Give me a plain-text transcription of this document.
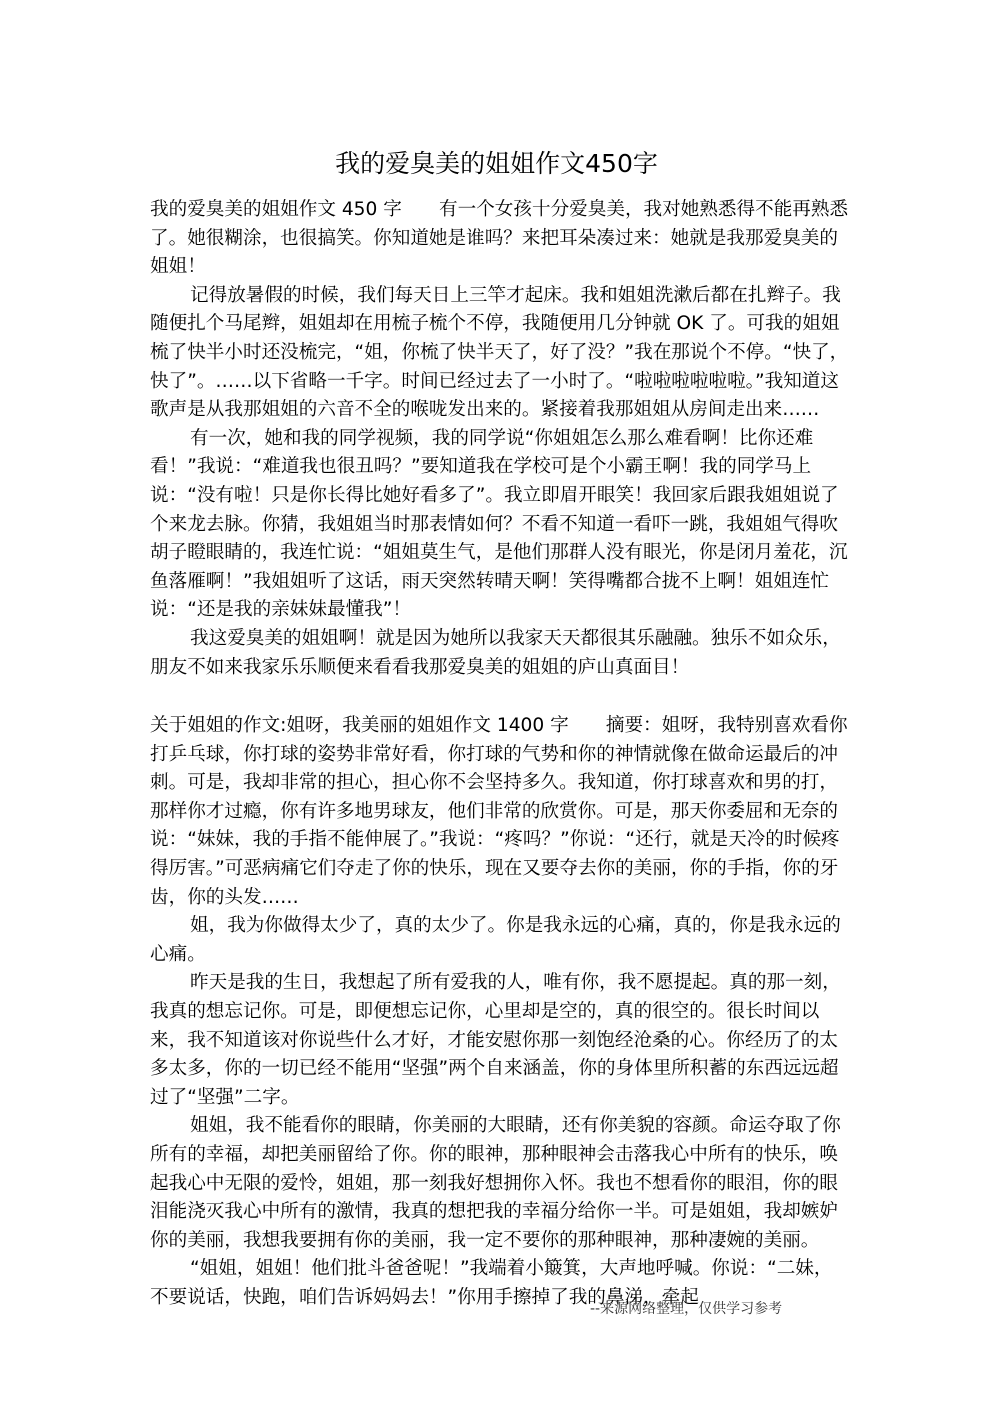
我的爱臭美的姐姐作文450字

我的爱臭美的姐姐作文 450 字　　有一个女孩十分爱臭美，我对她熟悉得不能再熟悉了。她很糊涂，也很搞笑。你知道她是谁吗？来把耳朵凑过来：她就是我那爱臭美的姐姐！

记得放暑假的时候，我们每天日上三竿才起床。我和姐姐洗漱后都在扎辫子。我随便扎个马尾辫，姐姐却在用梳子梳个不停，我随便用几分钟就 OK 了。可我的姐姐梳了快半小时还没梳完，“姐，你梳了快半天了，好了没？”我在那说个不停。“快了，快了”。……以下省略一千字。时间已经过去了一小时了。“啦啦啦啦啦啦。”我知道这歌声是从我那姐姐的六音不全的喉咙发出来的。紧接着我那姐姐从房间走出来……

有一次，她和我的同学视频，我的同学说“你姐姐怎么那么难看啊！比你还难看！”我说：“难道我也很丑吗？”要知道我在学校可是个小霸王啊！我的同学马上说：“没有啦！只是你长得比她好看多了”。我立即眉开眼笑！我回家后跟我姐姐说了个来龙去脉。你猜，我姐姐当时那表情如何？不看不知道一看吓一跳，我姐姐气得吹胡子瞪眼睛的，我连忙说：“姐姐莫生气，是他们那群人没有眼光，你是闭月羞花，沉鱼落雁啊！”我姐姐听了这话，雨天突然转晴天啊！笑得嘴都合拢不上啊！姐姐连忙说：“还是我的亲妹妹最懂我”！

我这爱臭美的姐姐啊！就是因为她所以我家天天都很其乐融融。独乐不如众乐，朋友不如来我家乐乐顺便来看看我那爱臭美的姐姐的庐山真面目！

关于姐姐的作文:姐呀，我美丽的姐姐作文 1400 字　　摘要：姐呀，我特别喜欢看你打乒乓球，你打球的姿势非常好看，你打球的气势和你的神情就像在做命运最后的冲刺。可是，我却非常的担心，担心你不会坚持多久。我知道，你打球喜欢和男的打，那样你才过瘾，你有许多地男球友，他们非常的欣赏你。可是，那天你委屈和无奈的说：“妹妹，我的手指不能伸展了。”我说：“疼吗？”你说：“还行，就是天冷的时候疼得厉害。”可恶病痛它们夺走了你的快乐，现在又要夺去你的美丽，你的手指，你的牙齿，你的头发……

姐，我为你做得太少了，真的太少了。你是我永远的心痛，真的，你是我永远的心痛。

昨天是我的生日，我想起了所有爱我的人，唯有你，我不愿提起。真的那一刻，我真的想忘记你。可是，即便想忘记你，心里却是空的，真的很空的。很长时间以来，我不知道该对你说些什么才好，才能安慰你那一刻饱经沧桑的心。你经历了的太多太多，你的一切已经不能用“坚强”两个自来涵盖，你的身体里所积蓄的东西远远超过了“坚强”二字。

姐姐，我不能看你的眼睛，你美丽的大眼睛，还有你美貌的容颜。命运夺取了你所有的幸福，却把美丽留给了你。你的眼神，那种眼神会击落我心中所有的快乐，唤起我心中无限的爱怜，姐姐，那一刻我好想拥你入怀。我也不想看你的眼泪，你的眼泪能浇灭我心中所有的激情，我真的想把我的幸福分给你一半。可是姐姐，我却嫉妒你的美丽，我想我要拥有你的美丽，我一定不要你的那种眼神，那种凄婉的美丽。

“姐姐，姐姐！他们批斗爸爸呢！”我端着小簸箕，大声地呼喊。你说：“二妹，不要说话，快跑，咱们告诉妈妈去！”你用手擦掉了我的鼻涕，牵起

--来源网络整理，仅供学习参考
